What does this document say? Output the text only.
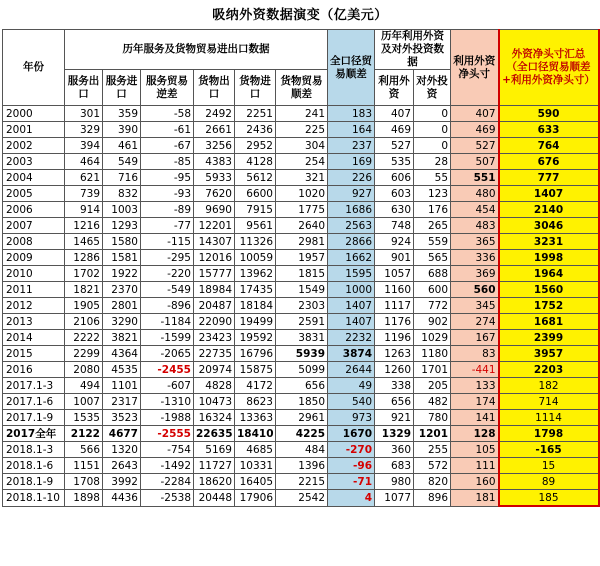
吸纳外资数据演变（亿美元）
年份	历年服务及货物贸易进出口数据						全口径贸易顺差	历年利用外资及对外投资数据		利用外资净头寸	外资净头寸汇总（全口径贸易顺差+利用外资净头寸）
	服务出口	服务进口	服务贸易逆差	货物出口	货物进口	货物贸易顺差		利用外资	对外投资		
2000	301	359	-58	2492	2251	241	183	407	0	407	590
2001	329	390	-61	2661	2436	225	164	469	0	469	633
2002	394	461	-67	3256	2952	304	237	527	0	527	764
2003	464	549	-85	4383	4128	254	169	535	28	507	676
2004	621	716	-95	5933	5612	321	226	606	55	551	777
2005	739	832	-93	7620	6600	1020	927	603	123	480	1407
2006	914	1003	-89	9690	7915	1775	1686	630	176	454	2140
2007	1216	1293	-77	12201	9561	2640	2563	748	265	483	3046
2008	1465	1580	-115	14307	11326	2981	2866	924	559	365	3231
2009	1286	1581	-295	12016	10059	1957	1662	901	565	336	1998
2010	1702	1922	-220	15777	13962	1815	1595	1057	688	369	1964
2011	1821	2370	-549	18984	17435	1549	1000	1160	600	560	1560
2012	1905	2801	-896	20487	18184	2303	1407	1117	772	345	1752
2013	2106	3290	-1184	22090	19499	2591	1407	1176	902	274	1681
2014	2222	3821	-1599	23423	19592	3831	2232	1196	1029	167	2399
2015	2299	4364	-2065	22735	16796	5939	3874	1263	1180	83	3957
2016	2080	4535	-2455	20974	15875	5099	2644	1260	1701	-441	2203
2017.1-3	494	1101	-607	4828	4172	656	49	338	205	133	182
2017.1-6	1007	2317	-1310	10473	8623	1850	540	656	482	174	714
2017.1-9	1535	3523	-1988	16324	13363	2961	973	921	780	141	1114
2017全年	2122	4677	-2555	22635	18410	4225	1670	1329	1201	128	1798
2018.1-3	566	1320	-754	5169	4685	484	-270	360	255	105	-165
2018.1-6	1151	2643	-1492	11727	10331	1396	-96	683	572	111	15
2018.1-9	1708	3992	-2284	18620	16405	2215	-71	980	820	160	89
2018.1-10	1898	4436	-2538	20448	17906	2542	4	1077	896	181	185
